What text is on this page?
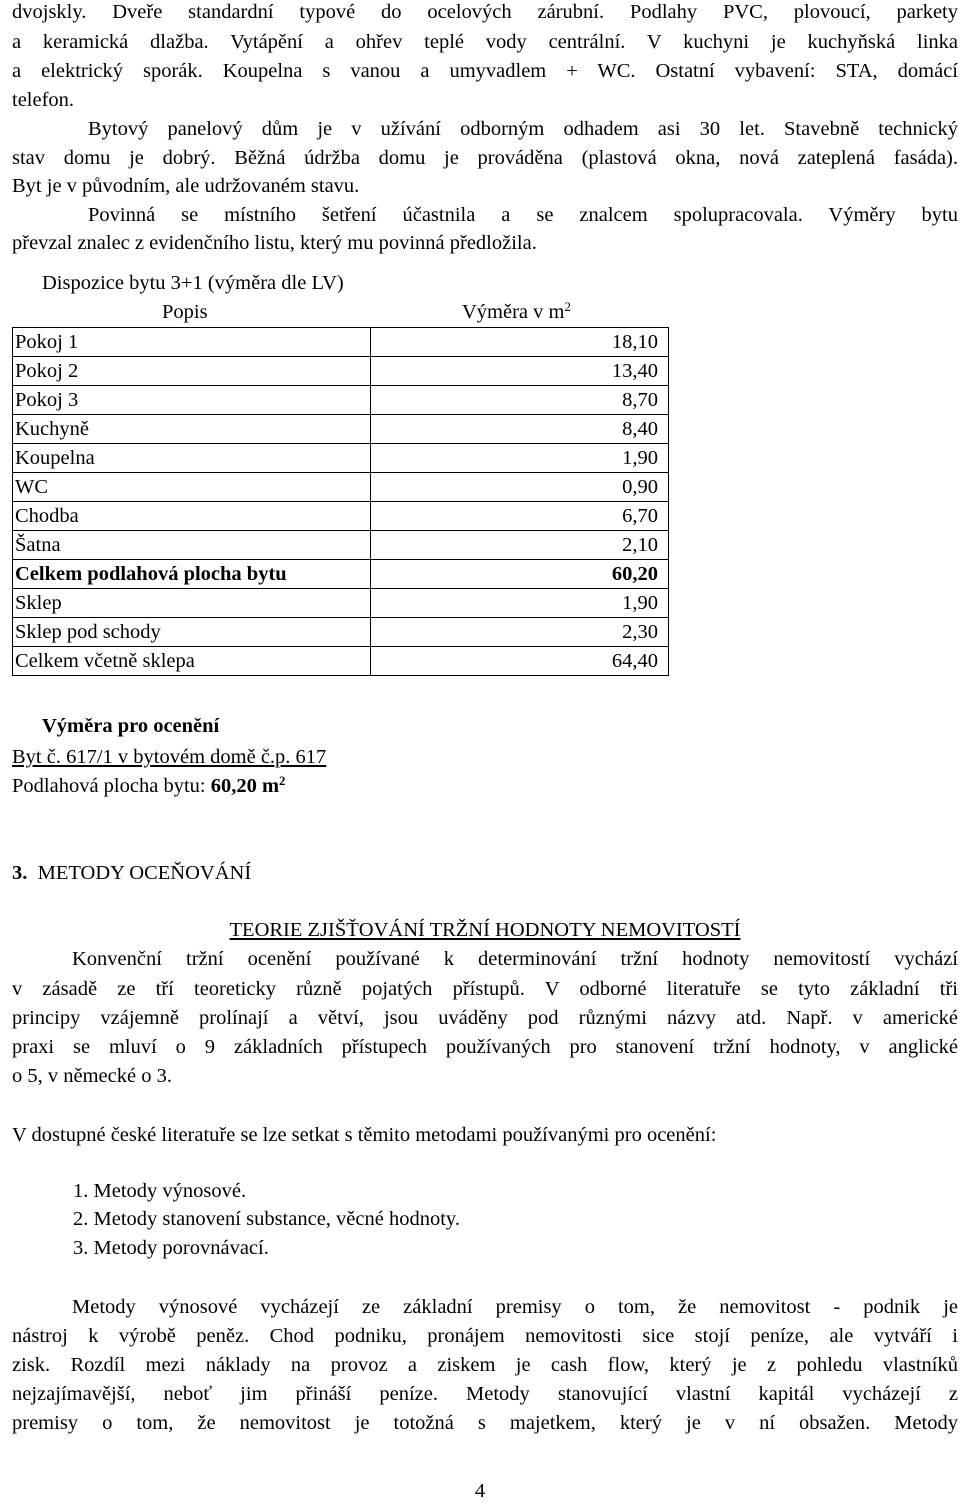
dvojskly. Dveře standardní typové do ocelových zárubní. Podlahy PVC, plovoucí, parkety
a keramická dlažba. Vytápění a ohřev teplé vody centrální. V kuchyni je kuchyňská linka
a elektrický sporák. Koupelna s vanou a umyvadlem + WC. Ostatní vybavení: STA, domácí
telefon.
Bytový panelový dům je v užívání odborným odhadem asi 30 let. Stavebně technický
stav domu je dobrý. Běžná údržba domu je prováděna (plastová okna, nová zateplená fasáda).
Byt je v původním, ale udržovaném stavu.
Povinná se místního šetření účastnila a se znalcem spolupracovala. Výměry bytu
převzal znalec z evidenčního listu, který mu povinná předložila.
Dispozice bytu 3+1 (výměra dle LV)
Popis	Výměra v $m^2$
Pokoj 1	18,10
Pokoj 2	13,40
Pokoj 3	8,70
Kuchyně	8,40
Koupelna	1,90
WC	0,90
Chodba	6,70
Šatna	2,10
Celkem podlahová plocha bytu	60,20
Sklep	1,90
Sklep pod schody	2,30
Celkem včetně sklepa	64,40
Výměra pro ocenění
Byt č. 617/1 v bytovém domě č.p. 617
Podlahová plocha bytu: 60,20 $m^2$
3. METODY OCEŇOVÁNÍ
TEORIE ZJIŠŤOVÁNÍ TRŽNÍ HODNOTY NEMOVITOSTÍ
Konvenční tržní ocenění používané k determinování tržní hodnoty nemovitostí vychází
v zásadě ze tří teoreticky různě pojatých přístupů. V odborné literatuře se tyto základní tři
principy vzájemně prolínají a větví, jsou uváděny pod různými názvy atd. Např. v americké
praxi se mluví o 9 základních přístupech používaných pro stanovení tržní hodnoty, v anglické
o 5, v německé o 3.
V dostupné české literatuře se lze setkat s těmito metodami používanými pro ocenění:
1. Metody výnosové.
2. Metody stanovení substance, věcné hodnoty.
3. Metody porovnávací.
Metody výnosové vycházejí ze základní premisy o tom, že nemovitost - podnik je
nástroj k výrobě peněz. Chod podniku, pronájem nemovitosti sice stojí peníze, ale vytváří i
zisk. Rozdíl mezi náklady na provoz a ziskem je cash flow, který je z pohledu vlastníků
nejzajímavější, neboť jim přináší peníze. Metody stanovující vlastní kapitál vycházejí z
premisy o tom, že nemovitost je totožná s majetkem, který je v ní obsažen. Metody
4
